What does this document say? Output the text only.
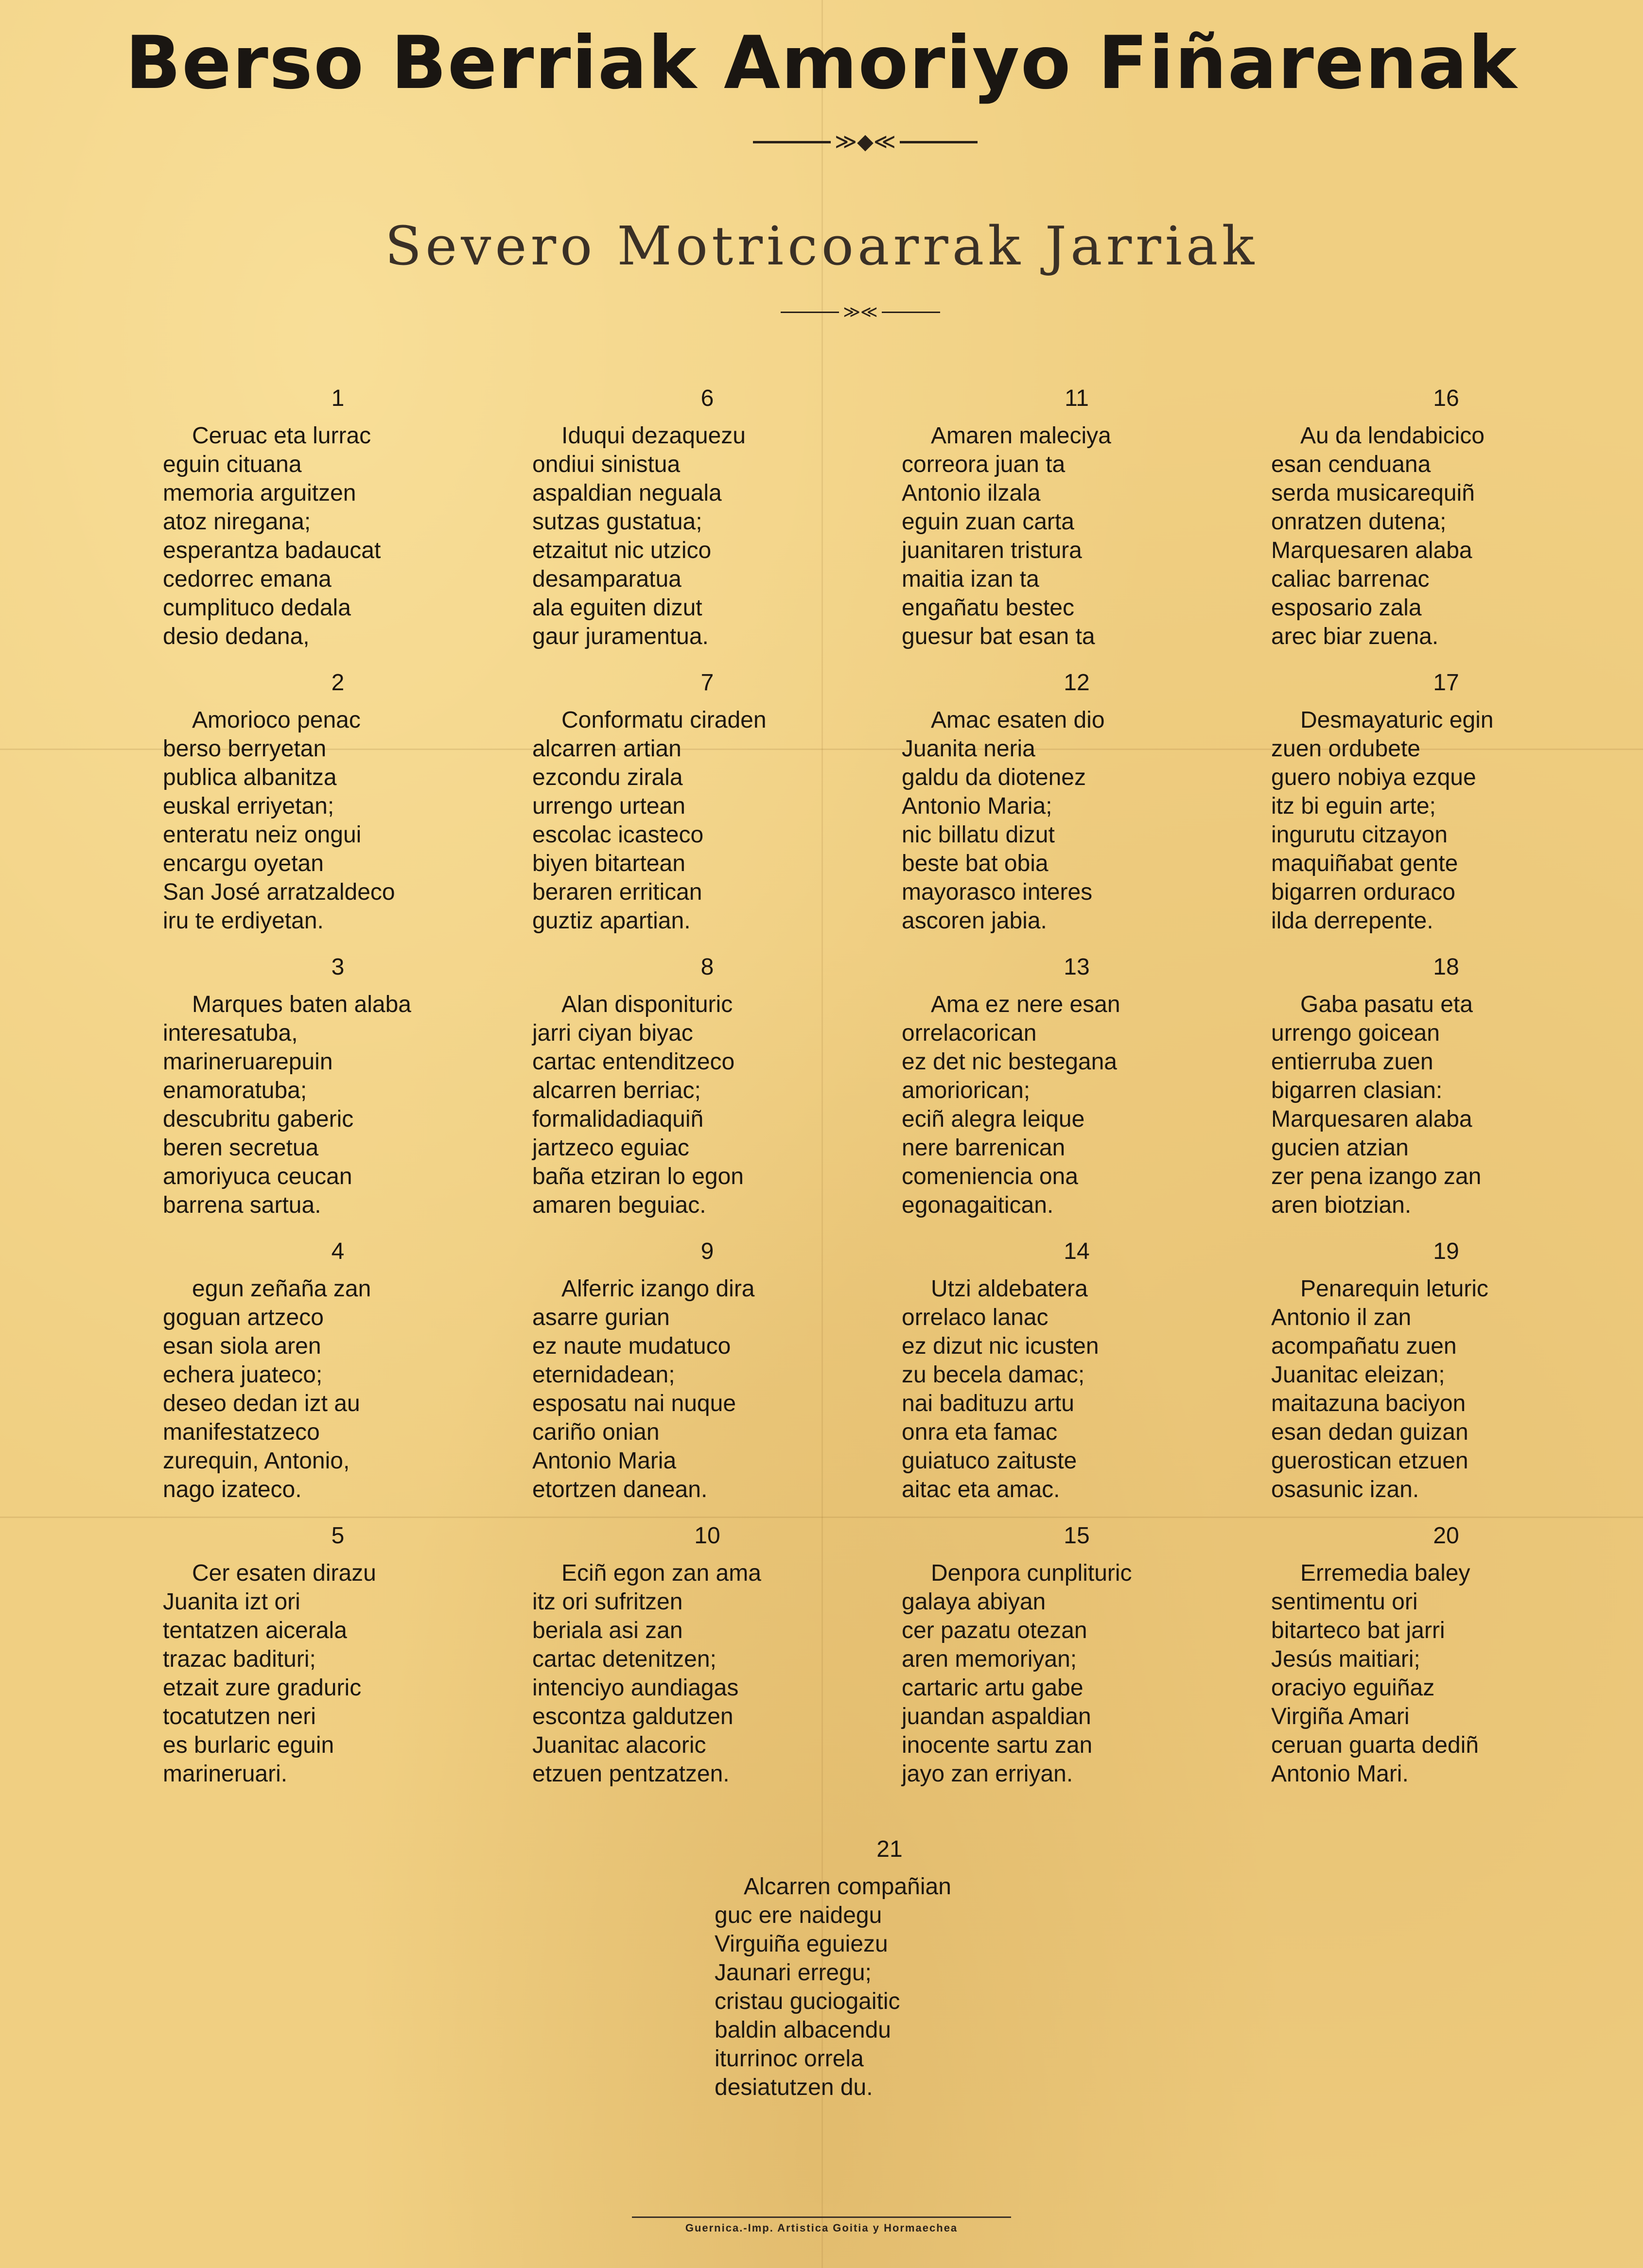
Berso Berriak Amoriyo Fiñarenak
≫◆≪
Severo Motricoarrak Jarriak
≫≪
1
Ceruac eta lurrac
eguin cituana
memoria arguitzen
atoz niregana;
esperantza badaucat
cedorrec emana
cumplituco dedala
desio dedana,
2
Amorioco penac
berso berryetan
publica albanitza
euskal erriyetan;
enteratu neiz ongui
encargu oyetan
San José arratzaldeco
iru te erdiyetan.
3
Marques baten alaba
interesatuba,
marineruarepuin
enamoratuba;
descubritu gaberic
beren secretua
amoriyuca ceucan
barrena sartua.
4
egun zeñaña zan
goguan artzeco
esan siola aren
echera juateco;
deseo dedan izt au
manifestatzeco
zurequin, Antonio,
nago izateco.
5
Cer esaten dirazu
Juanita izt ori
tentatzen aicerala
trazac badituri;
etzait zure graduric
tocatutzen neri
es burlaric eguin
marineruari.
6
Iduqui dezaquezu
ondiui sinistua
aspaldian neguala
sutzas gustatua;
etzaitut nic utzico
desamparatua
ala eguiten dizut
gaur juramentua.
7
Conformatu ciraden
alcarren artian
ezcondu zirala
urrengo urtean
escolac icasteco
biyen bitartean
beraren erritican
guztiz apartian.
8
Alan disponituric
jarri ciyan biyac
cartac entenditzeco
alcarren berriac;
formalidadiaquiñ
jartzeco eguiac
baña etziran lo egon
amaren beguiac.
9
Alferric izango dira
asarre gurian
ez naute mudatuco
eternidadean;
esposatu nai nuque
cariño onian
Antonio Maria
etortzen danean.
10
Eciñ egon zan ama
itz ori sufritzen
beriala asi zan
cartac detenitzen;
intenciyo aundiagas
escontza galdutzen
Juanitac alacoric
etzuen pentzatzen.
11
Amaren maleciya
correora juan ta
Antonio ilzala
eguin zuan carta
juanitaren tristura
maitia izan ta
engañatu bestec
guesur bat esan ta
12
Amac esaten dio
Juanita neria
galdu da diotenez
Antonio Maria;
nic billatu dizut
beste bat obia
mayorasco interes
ascoren jabia.
13
Ama ez nere esan
orrelacorican
ez det nic bestegana
amoriorican;
eciñ alegra leique
nere barrenican
comeniencia ona
egonagaitican.
14
Utzi aldebatera
orrelaco lanac
ez dizut nic icusten
zu becela damac;
nai badituzu artu
onra eta famac
guiatuco zaituste
aitac eta amac.
15
Denpora cunplituric
galaya abiyan
cer pazatu otezan
aren memoriyan;
cartaric artu gabe
juandan aspaldian
inocente sartu zan
jayo zan erriyan.
16
Au da lendabicico
esan cenduana
serda musicarequiñ
onratzen dutena;
Marquesaren alaba
caliac barrenac
esposario zala
arec biar zuena.
17
Desmayaturic egin
zuen ordubete
guero nobiya ezque
itz bi eguin arte;
ingurutu citzayon
maquiñabat gente
bigarren orduraco
ilda derrepente.
18
Gaba pasatu eta
urrengo goicean
entierruba zuen
bigarren clasian:
Marquesaren alaba
gucien atzian
zer pena izango zan
aren biotzian.
19
Penarequin leturic
Antonio il zan
acompañatu zuen
Juanitac eleizan;
maitazuna baciyon
esan dedan guizan
guerostican etzuen
osasunic izan.
20
Erremedia baley
sentimentu ori
bitarteco bat jarri
Jesús maitiari;
oraciyo eguiñaz
Virgiña Amari
ceruan guarta dediñ
Antonio Mari.
21
Alcarren compañian
guc ere naidegu
Virguiña eguiezu
Jaunari erregu;
cristau guciogaitic
baldin albacendu
iturrinoc orrela
desiatutzen du.
Guernica.-Imp. Artistica Goitia y Hormaechea
